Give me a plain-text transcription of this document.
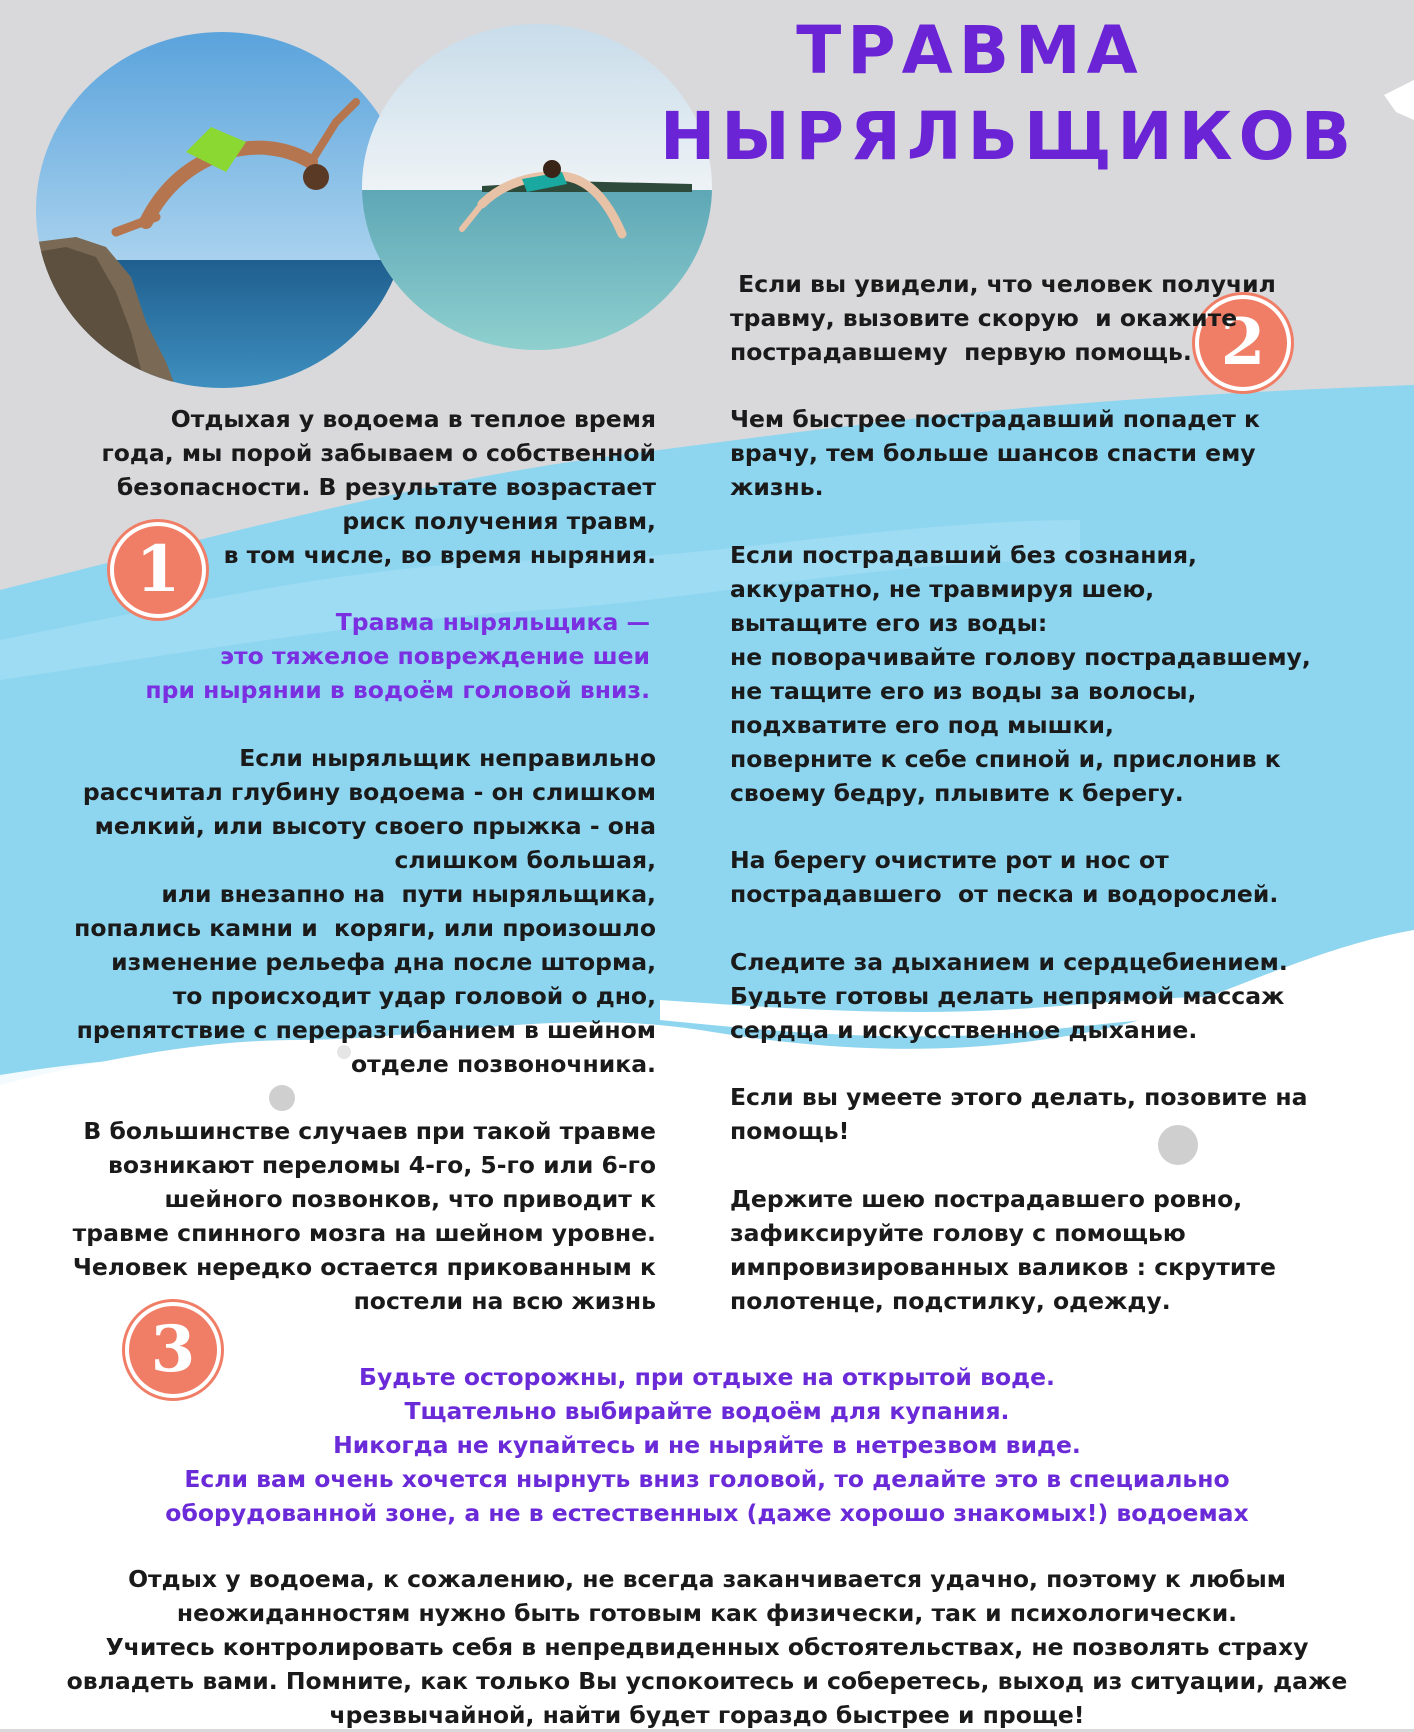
ТРАВМА
НЫРЯЛЬЩИКОВ
1
2
3
Отдыхая у водоема в теплое время
года, мы порой забываем о собственной
безопасности. В результате возрастает
риск получения травм,
в том числе, во время ныряния.
Травма ныряльщика —
это тяжелое повреждение шеи
при нырянии в водоём головой вниз.
Если ныряльщик неправильно
рассчитал глубину водоема - он слишком
мелкий, или высоту своего прыжка - она
слишком большая,
или внезапно на  пути ныряльщика,
попались камни и  коряги, или произошло
изменение рельефа дна после шторма,
то происходит удар головой о дно,
препятствие с переразгибанием в шейном
отделе позвоночника.
В большинстве случаев при такой травме
возникают переломы 4-го, 5-го или 6-го
шейного позвонков, что приводит к
травме спинного мозга на шейном уровне.
Человек нередко остается прикованным к
постели на всю жизнь
Если вы увидели, что человек получил
травму, вызовите скорую  и окажите
пострадавшему  первую помощь.
Чем быстрее пострадавший попадет к
врачу, тем больше шансов спасти ему
жизнь.
Если пострадавший без сознания,
аккуратно, не травмируя шею,
вытащите его из воды:
не поворачивайте голову пострадавшему,
не тащите его из воды за волосы,
подхватите его под мышки,
поверните к себе спиной и, прислонив к
своему бедру, плывите к берегу.
На берегу очистите рот и нос от
пострадавшего  от песка и водорослей.
Следите за дыханием и сердцебиением.
Будьте готовы делать непрямой массаж
сердца и искусственное дыхание.
Если вы умеете этого делать, позовите на
помощь!
Держите шею пострадавшего ровно,
зафиксируйте голову с помощью
импровизированных валиков : скрутите
полотенце, подстилку, одежду.
Будьте осторожны, при отдыхе на открытой воде.
Тщательно выбирайте водоём для купания.
Никогда не купайтесь и не ныряйте в нетрезвом виде.
Если вам очень хочется нырнуть вниз головой, то делайте это в специально
оборудованной зоне, а не в естественных (даже хорошо знакомых!) водоемах
Отдых у водоема, к сожалению, не всегда заканчивается удачно, поэтому к любым
неожиданностям нужно быть готовым как физически, так и психологически.
Учитесь контролировать себя в непредвиденных обстоятельствах, не позволять страху
овладеть вами. Помните, как только Вы успокоитесь и соберетесь, выход из ситуации, даже
чрезвычайной, найти будет гораздо быстрее и проще!
